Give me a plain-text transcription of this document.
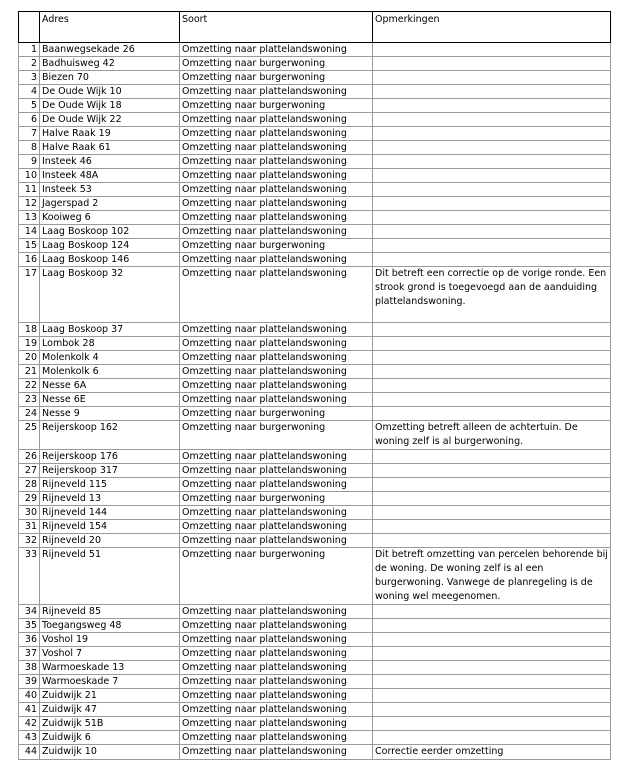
	Adres	Soort	Opmerkingen
1	Baanwegsekade 26	Omzetting naar plattelandswoning	
2	Badhuisweg 42	Omzetting naar burgerwoning	
3	Biezen 70	Omzetting naar burgerwoning	
4	De Oude Wijk 10	Omzetting naar plattelandswoning	
5	De Oude Wijk 18	Omzetting naar burgerwoning	
6	De Oude Wijk 22	Omzetting naar plattelandswoning	
7	Halve Raak 19	Omzetting naar plattelandswoning	
8	Halve Raak 61	Omzetting naar plattelandswoning	
9	Insteek 46	Omzetting naar plattelandswoning	
10	Insteek 48A	Omzetting naar plattelandswoning	
11	Insteek 53	Omzetting naar plattelandswoning	
12	Jagerspad 2	Omzetting naar plattelandswoning	
13	Kooiweg 6	Omzetting naar plattelandswoning	
14	Laag Boskoop 102	Omzetting naar plattelandswoning	
15	Laag Boskoop 124	Omzetting naar burgerwoning	
16	Laag Boskoop 146	Omzetting naar plattelandswoning	
17	Laag Boskoop 32	Omzetting naar plattelandswoning	Dit betreft een correctie op de vorige ronde. Een strook grond is toegevoegd aan de aanduiding plattelandswoning.
18	Laag Boskoop 37	Omzetting naar plattelandswoning	
19	Lombok 28	Omzetting naar plattelandswoning	
20	Molenkolk 4	Omzetting naar plattelandswoning	
21	Molenkolk 6	Omzetting naar plattelandswoning	
22	Nesse 6A	Omzetting naar plattelandswoning	
23	Nesse 6E	Omzetting naar plattelandswoning	
24	Nesse 9	Omzetting naar burgerwoning	
25	Reijerskoop 162	Omzetting naar burgerwoning	Omzetting betreft alleen de achtertuin. De woning zelf is al burgerwoning.
26	Reijerskoop 176	Omzetting naar plattelandswoning	
27	Reijerskoop 317	Omzetting naar plattelandswoning	
28	Rijneveld 115	Omzetting naar plattelandswoning	
29	Rijneveld 13	Omzetting naar burgerwoning	
30	Rijneveld 144	Omzetting naar plattelandswoning	
31	Rijneveld 154	Omzetting naar plattelandswoning	
32	Rijneveld 20	Omzetting naar plattelandswoning	
33	Rijneveld 51	Omzetting naar burgerwoning	Dit betreft omzetting van percelen behorende bij de woning. De woning zelf is al een burgerwoning. Vanwege de planregeling is de woning wel meegenomen.
34	Rijneveld 85	Omzetting naar plattelandswoning	
35	Toegangsweg 48	Omzetting naar plattelandswoning	
36	Voshol 19	Omzetting naar plattelandswoning	
37	Voshol 7	Omzetting naar plattelandswoning	
38	Warmoeskade 13	Omzetting naar plattelandswoning	
39	Warmoeskade 7	Omzetting naar plattelandswoning	
40	Zuidwijk 21	Omzetting naar plattelandswoning	
41	Zuidwijk 47	Omzetting naar plattelandswoning	
42	Zuidwijk 51B	Omzetting naar plattelandswoning	
43	Zuidwijk 6	Omzetting naar plattelandswoning	
44	Zuidwijk 10	Omzetting naar plattelandswoning	Correctie eerder omzetting
